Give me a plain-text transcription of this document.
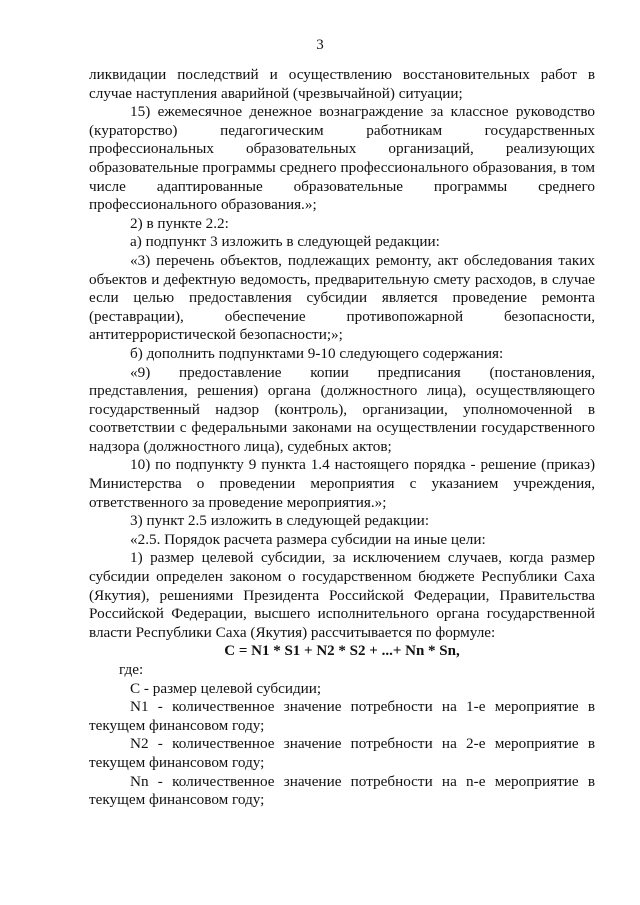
3

ликвидации последствий и осуществлению восстановительных работ в случае наступления аварийной (чрезвычайной) ситуации;

15) ежемесячное денежное вознаграждение за классное руководство (кураторство) педагогическим работникам государственных профессиональных образовательных организаций, реализующих образовательные программы среднего профессионального образования, в том числе адаптированные образовательные программы среднего профессионального образования.»;

2) в пункте 2.2:

а) подпункт 3 изложить в следующей редакции:

«3) перечень объектов, подлежащих ремонту, акт обследования таких объектов и дефектную ведомость, предварительную смету расходов, в случае если целью предоставления субсидии является проведение ремонта (реставрации), обеспечение противопожарной безопасности, антитеррористической безопасности;»;

б) дополнить подпунктами 9-10 следующего содержания:

«9) предоставление копии предписания (постановления, представления, решения) органа (должностного лица), осуществляющего государственный надзор (контроль), организации, уполномоченной в соответствии с федеральными законами на осуществлении государственного надзора (должностного лица), судебных актов;

10) по подпункту 9 пункта 1.4 настоящего порядка - решение (приказ) Министерства о проведении мероприятия с указанием учреждения, ответственного за проведение мероприятия.»;

3) пункт 2.5 изложить в следующей редакции:

«2.5. Порядок расчета размера субсидии на иные цели:

1) размер целевой субсидии, за исключением случаев, когда размер субсидии определен законом о государственном бюджете Республики Саха (Якутия), решениями Президента Российской Федерации, Правительства Российской Федерации, высшего исполнительного органа государственной власти Республики Саха (Якутия) рассчитывается по формуле:

C = N1 * S1 + N2 * S2 + ...+ Nn * Sn,

где:

С - размер целевой субсидии;

N1 - количественное значение потребности на 1-е мероприятие в текущем финансовом году;

N2 - количественное значение потребности на 2-е мероприятие в текущем финансовом году;

Nn - количественное значение потребности на n-е мероприятие в текущем финансовом году;
